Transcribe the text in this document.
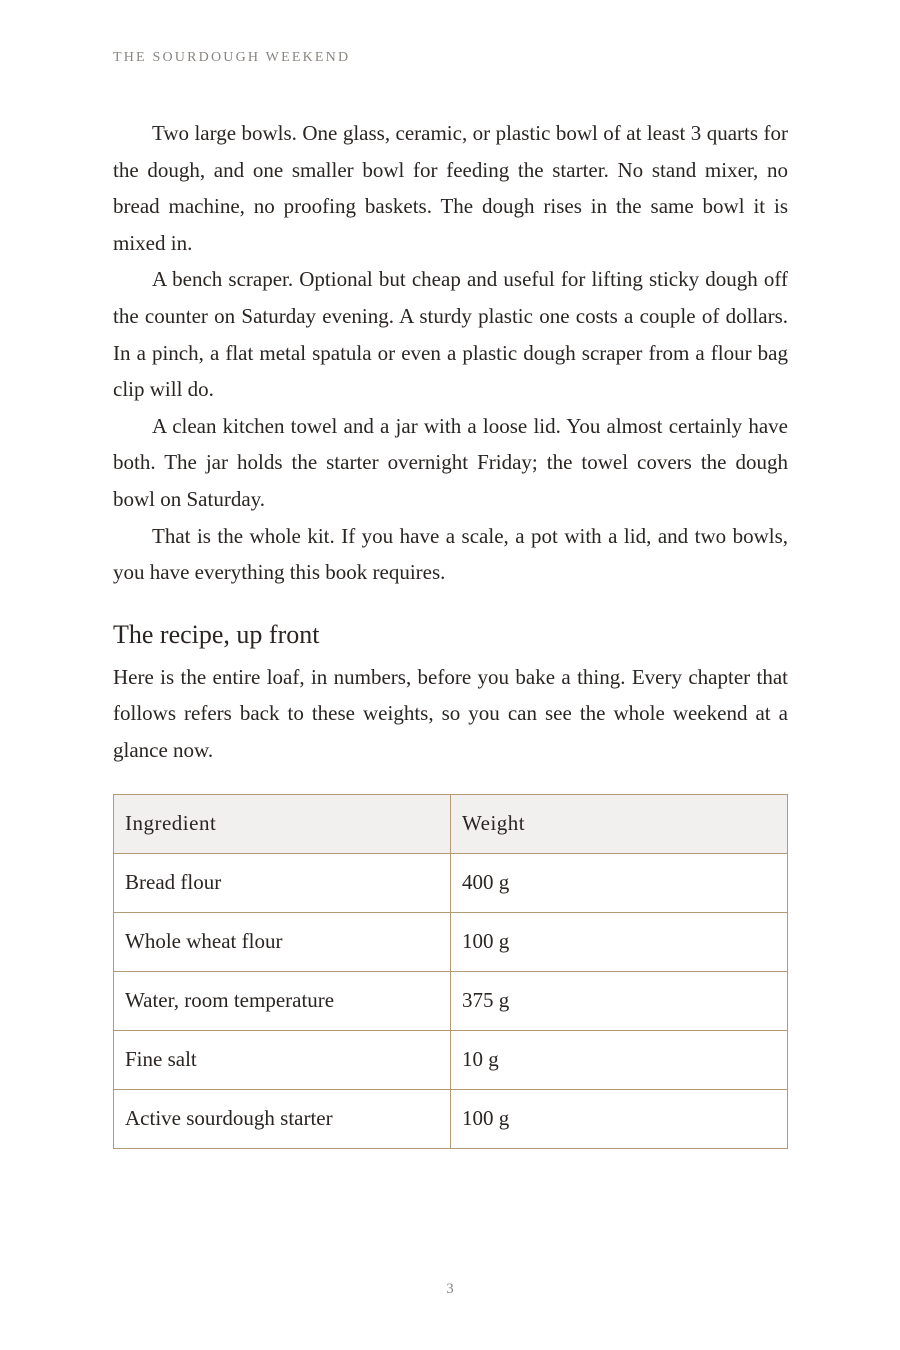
THE SOURDOUGH WEEKEND

Two large bowls. One glass, ceramic, or plastic bowl of at least 3 quarts for the dough, and one smaller bowl for feeding the starter. No stand mixer, no bread machine, no proofing baskets. The dough rises in the same bowl it is mixed in.

A bench scraper. Optional but cheap and useful for lifting sticky dough off the counter on Saturday evening. A sturdy plastic one costs a couple of dollars. In a pinch, a flat metal spatula or even a plastic dough scraper from a flour bag clip will do.

A clean kitchen towel and a jar with a loose lid. You almost certainly have both. The jar holds the starter overnight Friday; the towel covers the dough bowl on Saturday.

That is the whole kit. If you have a scale, a pot with a lid, and two bowls, you have everything this book requires.

The recipe, up front

Here is the entire loaf, in numbers, before you bake a thing. Every chapter that follows refers back to these weights, so you can see the whole weekend at a glance now.

Ingredient	Weight
Bread flour	400 g
Whole wheat flour	100 g
Water, room temperature	375 g
Fine salt	10 g
Active sourdough starter	100 g
3
